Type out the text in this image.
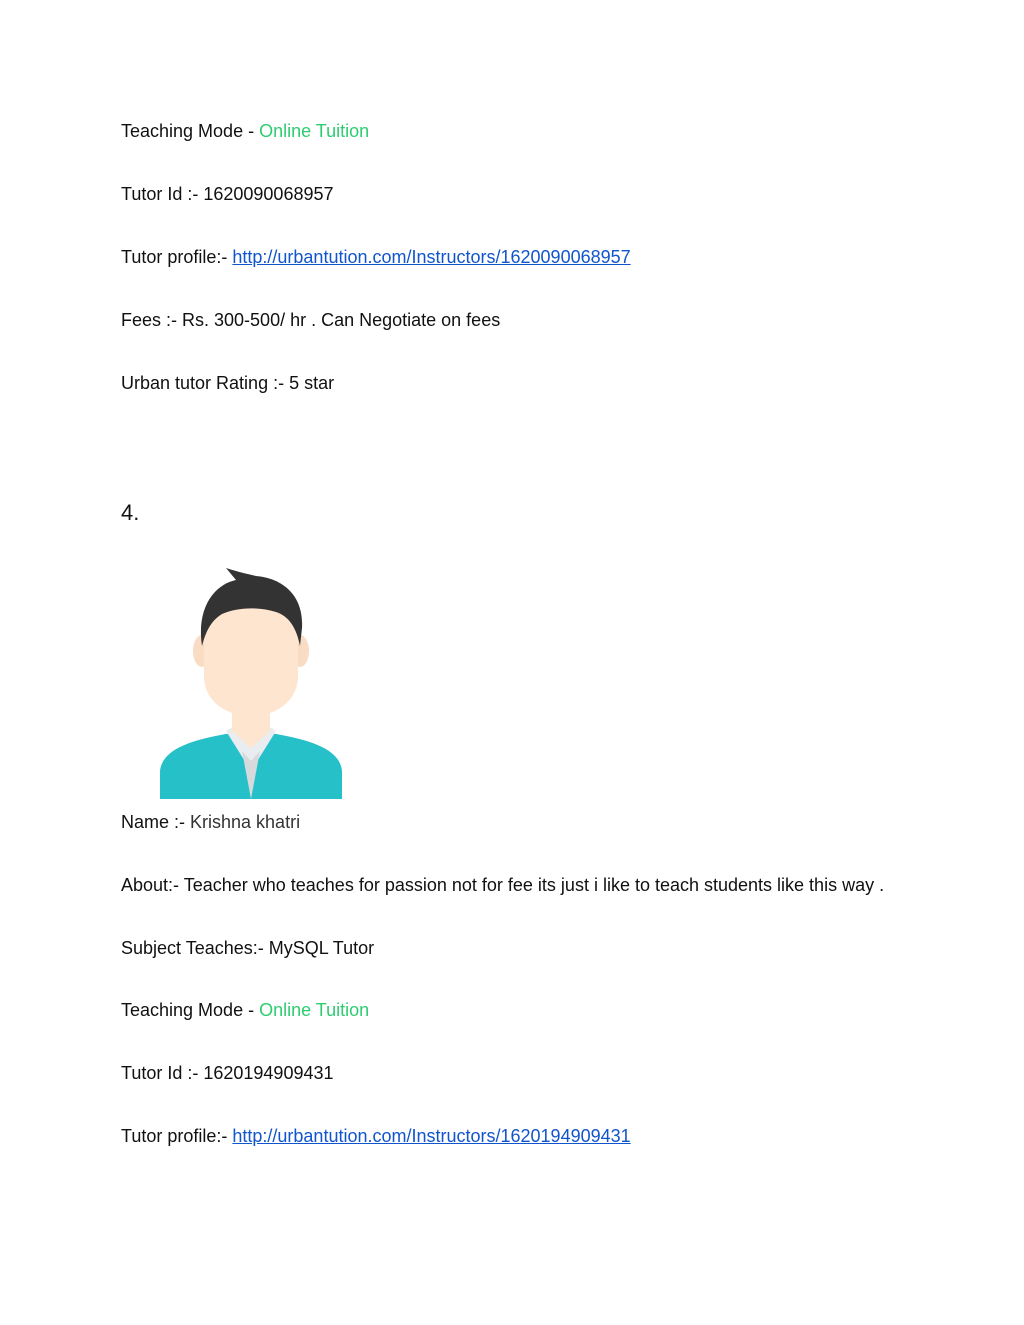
Teaching Mode - Online Tuition
Tutor Id :- 1620090068957
Tutor profile:- http://urbantution.com/Instructors/1620090068957
Fees :- Rs. 300-500/ hr . Can Negotiate on fees
Urban tutor Rating :- 5 star
4.
Name :- Krishna khatri
About:- Teacher who teaches for passion not for fee its just i like to teach students like this way .
Subject Teaches:- MySQL Tutor
Teaching Mode - Online Tuition
Tutor Id :- 1620194909431
Tutor profile:- http://urbantution.com/Instructors/1620194909431
